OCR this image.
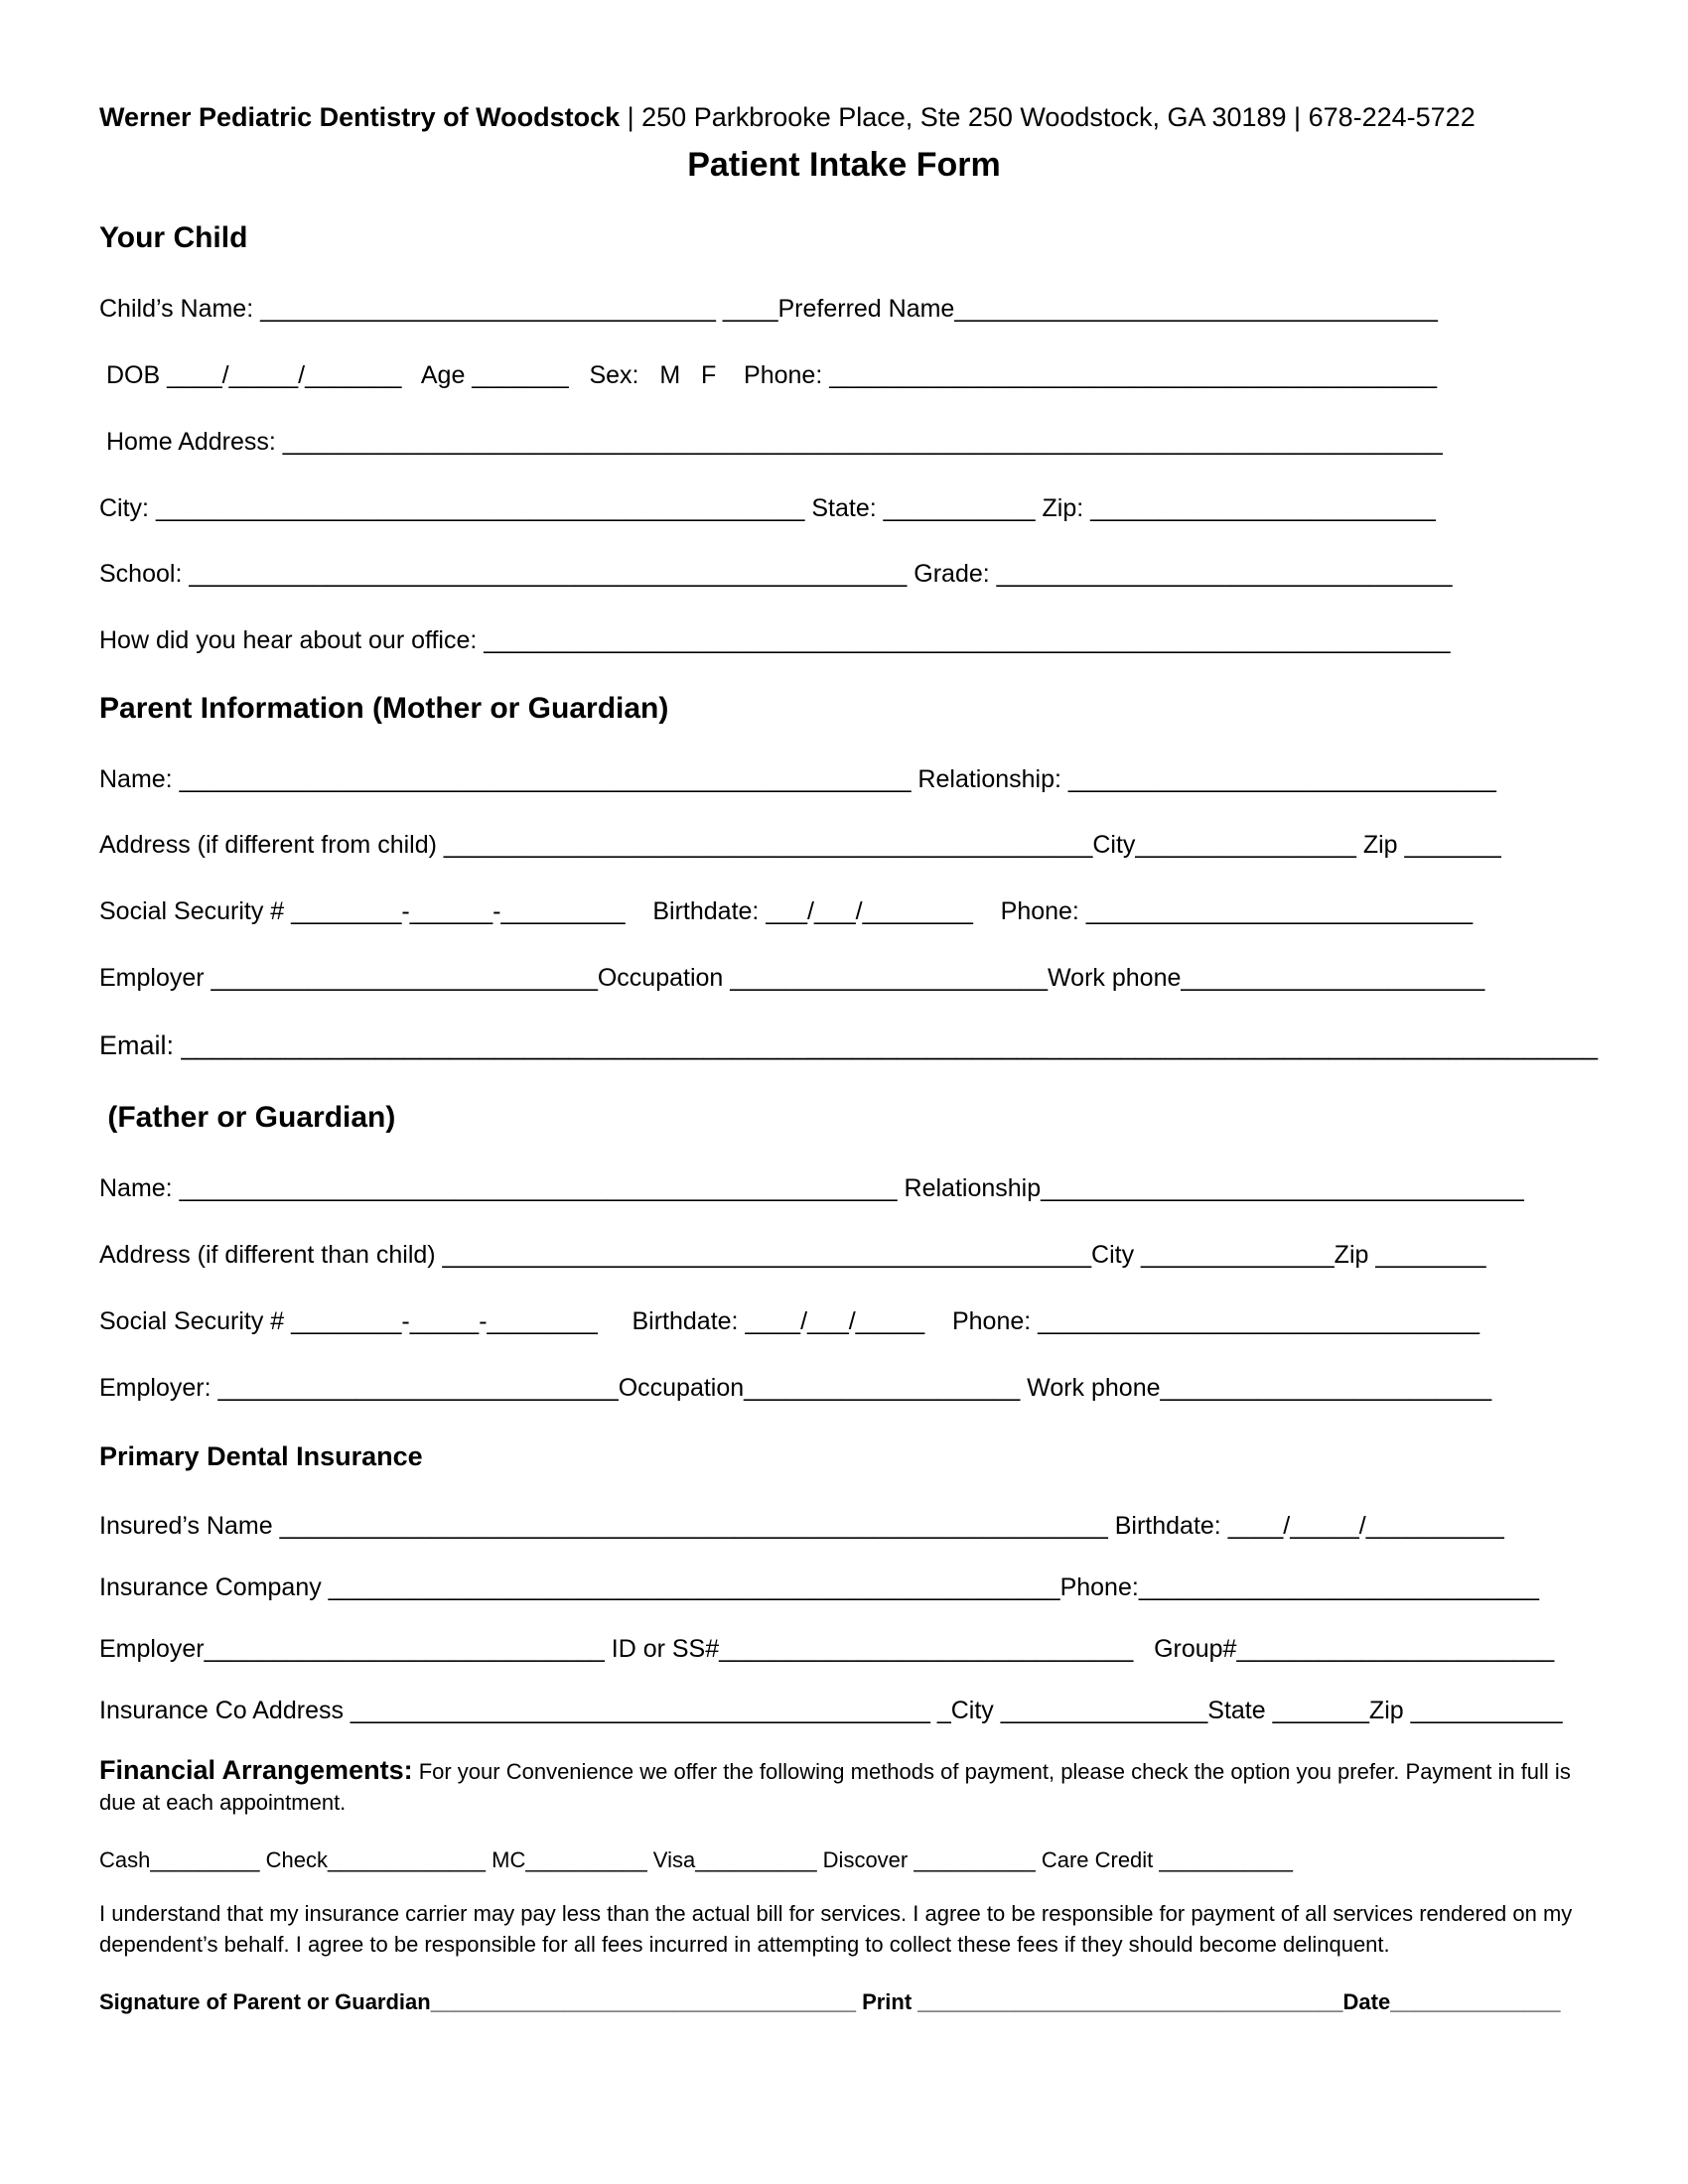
Werner Pediatric Dentistry of Woodstock | 250 Parkbrooke Place, Ste 250 Woodstock, GA 30189 | 678-224-5722
Patient Intake Form
Your Child
Child’s Name: _________________________________ ____Preferred Name___________________________________
DOB ____/_____/_______   Age _______   Sex:   M   F    Phone: ____________________________________________
Home Address: ____________________________________________________________________________________
City: _______________________________________________ State: ___________ Zip: _________________________
School: ____________________________________________________ Grade: _________________________________
How did you hear about our office: ______________________________________________________________________
Parent Information (Mother or Guardian)
Name: _____________________________________________________ Relationship: _______________________________
Address (if different from child) _______________________________________________City________________ Zip _______
Social Security # ________-______-_________    Birthdate: ___/___/________    Phone: ____________________________
Employer ____________________________Occupation _______________________Work phone______________________
Email: _______________________________________________________________________________________________
(Father or Guardian)
Name: ____________________________________________________ Relationship___________________________________
Address (if different than child) _______________________________________________City ______________Zip ________
Social Security # ________-_____-________     Birthdate: ____/___/_____    Phone: ________________________________
Employer: _____________________________Occupation____________________ Work phone________________________
Primary Dental Insurance
Insured’s Name ____________________________________________________________ Birthdate: ____/_____/__________
Insurance Company _____________________________________________________Phone:_____________________________
Employer_____________________________ ID or SS#______________________________   Group#_______________________
Insurance Co Address __________________________________________ _City _______________State _______Zip ___________
Financial Arrangements: For your Convenience we offer the following methods of payment, please check the option you prefer. Payment in full is due at each appointment.
Cash_________ Check_____________ MC__________ Visa__________ Discover __________ Care Credit ___________
I understand that my insurance carrier may pay less than the actual bill for services. I agree to be responsible for payment of all services rendered on my dependent’s behalf. I agree to be responsible for all fees incurred in attempting to collect these fees if they should become delinquent.
Signature of Parent or Guardian___________________________________ Print ___________________________________Date______________
